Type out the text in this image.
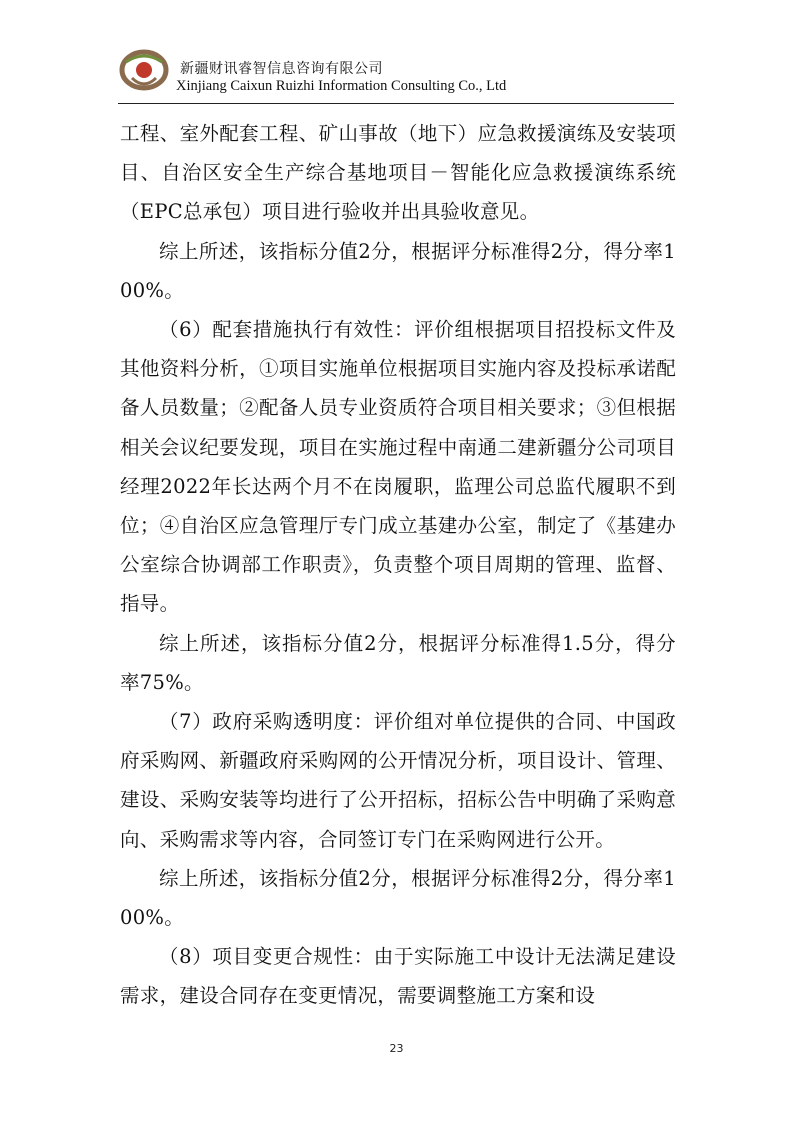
新疆财讯睿智信息咨询有限公司
Xinjiang Caixun Ruizhi Information Consulting Co., Ltd

工程、室外配套工程、矿山事故（地下）应急救援演练及安装项目、自治区安全生产综合基地项目－智能化应急救援演练系统（EPC总承包）项目进行验收并出具验收意见。

综上所述，该指标分值2分，根据评分标准得2分，得分率100%。

（6）配套措施执行有效性：评价组根据项目招投标文件及其他资料分析，①项目实施单位根据项目实施内容及投标承诺配备人员数量；②配备人员专业资质符合项目相关要求；③但根据相关会议纪要发现，项目在实施过程中南通二建新疆分公司项目经理2022年长达两个月不在岗履职，监理公司总监代履职不到位；④自治区应急管理厅专门成立基建办公室，制定了《基建办公室综合协调部工作职责》，负责整个项目周期的管理、监督、指导。

综上所述，该指标分值2分，根据评分标准得1.5分，得分率75%。

（7）政府采购透明度：评价组对单位提供的合同、中国政府采购网、新疆政府采购网的公开情况分析，项目设计、管理、建设、采购安装等均进行了公开招标，招标公告中明确了采购意向、采购需求等内容，合同签订专门在采购网进行公开。

综上所述，该指标分值2分，根据评分标准得2分，得分率100%。

（8）项目变更合规性：由于实际施工中设计无法满足建设需求，建设合同存在变更情况，需要调整施工方案和设

23
